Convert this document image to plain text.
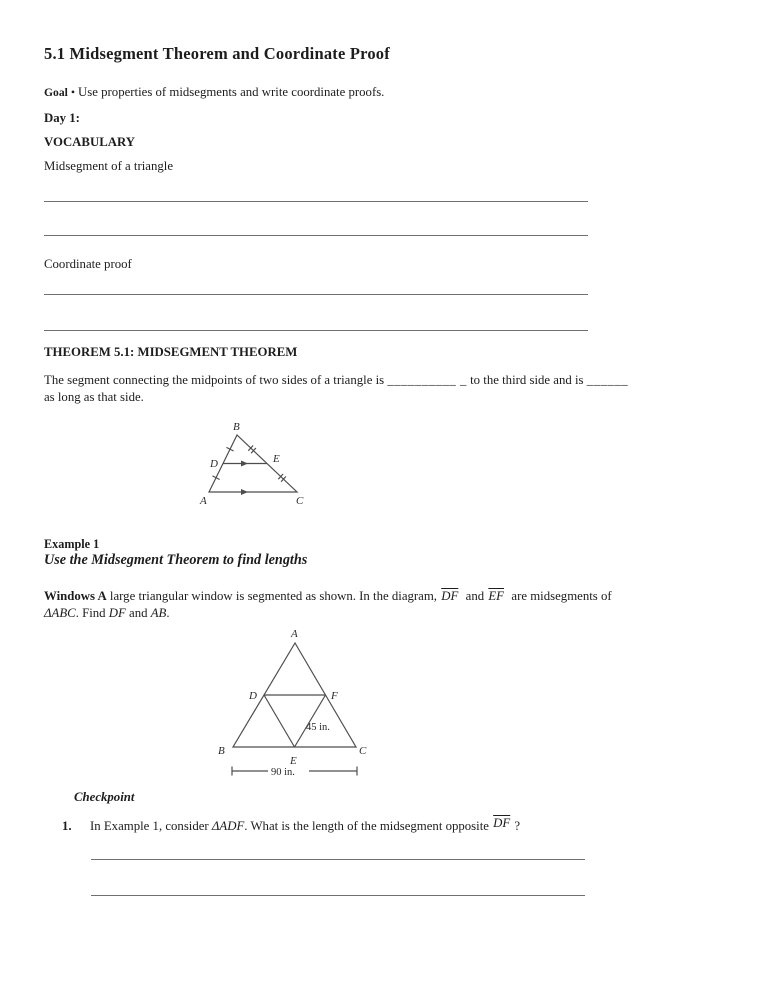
5.1 Midsegment Theorem and Coordinate Proof
Goal • Use properties of midsegments and write coordinate proofs.
Day 1:
VOCABULARY
Midsegment of a triangle
Coordinate proof
THEOREM 5.1: MIDSEGMENT THEOREM
The segment connecting the midpoints of two sides of a triangle is __________ _ to the third side and is ______
as long as that side.
B
D	E
A	C
Example 1
Use the Midsegment Theorem to find lengths
Windows A large triangular window is segmented as shown. In the diagram, $\overline{DF}$ and $\overline{EF}$ are midsegments of
ΔABC. Find DF and AB.
A
D	F
B	C
E
45 in.
90 in.
Checkpoint
1. In Example 1, consider ΔADF. What is the length of the midsegment opposite $\overline{DF}$ ?
